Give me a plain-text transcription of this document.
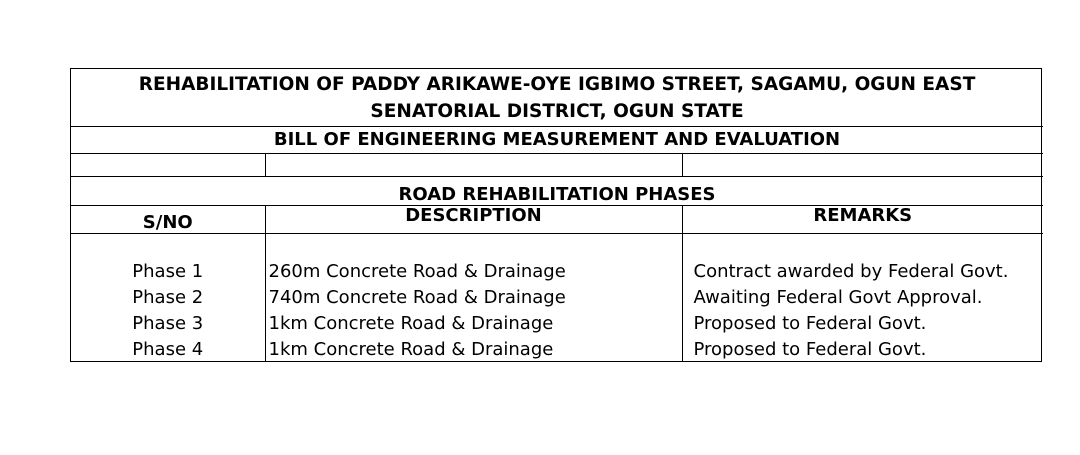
REHABILITATION OF PADDY ARIKAWE-OYE IGBIMO STREET, SAGAMU, OGUN EAST SENATORIAL DISTRICT, OGUN STATE		
BILL OF ENGINEERING MEASUREMENT AND EVALUATION		

ROAD REHABILITATION PHASES		
S/NO	DESCRIPTION	REMARKS

Phase 1	260m Concrete Road & Drainage	Contract awarded by Federal Govt.
Phase 2	740m Concrete Road & Drainage	Awaiting Federal Govt Approval.
Phase 3	1km Concrete Road & Drainage	Proposed to Federal Govt.
Phase 4	1km Concrete Road & Drainage	Proposed to Federal Govt.
